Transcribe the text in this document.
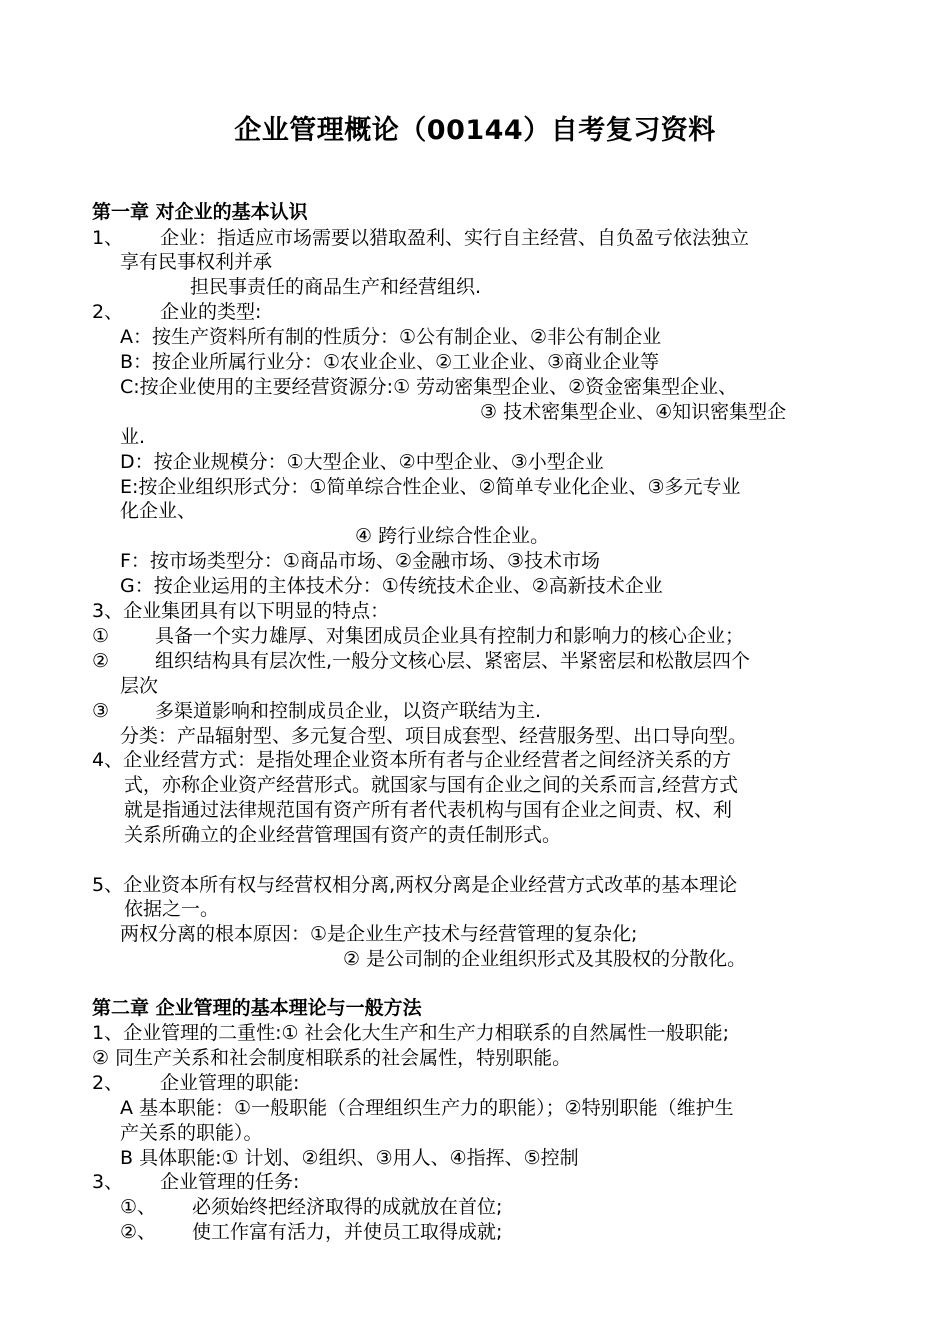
企业管理概论（00144）自考复习资料
第一章 对企业的基本认识
1、 企业：指适应市场需要以猎取盈利、实行自主经营、自负盈亏依法独立
享有民事权利并承
担民事责任的商品生产和经营组织.
2、 企业的类型:
A：按生产资料所有制的性质分：①公有制企业、②非公有制企业
B：按企业所属行业分：①农业企业、②工业企业、③商业企业等
C:按企业使用的主要经营资源分:① 劳动密集型企业、②资金密集型企业、
③ 技术密集型企业、④知识密集型企
业.
D：按企业规模分：①大型企业、②中型企业、③小型企业
E:按企业组织形式分：①简单综合性企业、②简单专业化企业、③多元专业
化企业、
④ 跨行业综合性企业。
F：按市场类型分：①商品市场、②金融市场、③技术市场
G：按企业运用的主体技术分：①传统技术企业、②高新技术企业
3、企业集团具有以下明显的特点：
① 具备一个实力雄厚、对集团成员企业具有控制力和影响力的核心企业；
② 组织结构具有层次性,一般分文核心层、紧密层、半紧密层和松散层四个
层次
③ 多渠道影响和控制成员企业，以资产联结为主.
分类：产品辐射型、多元复合型、项目成套型、经营服务型、出口导向型。
4、企业经营方式：是指处理企业资本所有者与企业经营者之间经济关系的方
式，亦称企业资产经营形式。就国家与国有企业之间的关系而言,经营方式
就是指通过法律规范国有资产所有者代表机构与国有企业之间责、权、利
关系所确立的企业经营管理国有资产的责任制形式。
5、企业资本所有权与经营权相分离,两权分离是企业经营方式改革的基本理论
依据之一。
两权分离的根本原因：①是企业生产技术与经营管理的复杂化;
② 是公司制的企业组织形式及其股权的分散化。
第二章 企业管理的基本理论与一般方法
1、企业管理的二重性:① 社会化大生产和生产力相联系的自然属性一般职能;
② 同生产关系和社会制度相联系的社会属性，特别职能。
2、 企业管理的职能:
A 基本职能：①一般职能（合理组织生产力的职能）；②特别职能（维护生
产关系的职能）。
B 具体职能:① 计划、②组织、③用人、④指挥、⑤控制
3、 企业管理的任务:
①、 必须始终把经济取得的成就放在首位;
②、 使工作富有活力，并使员工取得成就;
